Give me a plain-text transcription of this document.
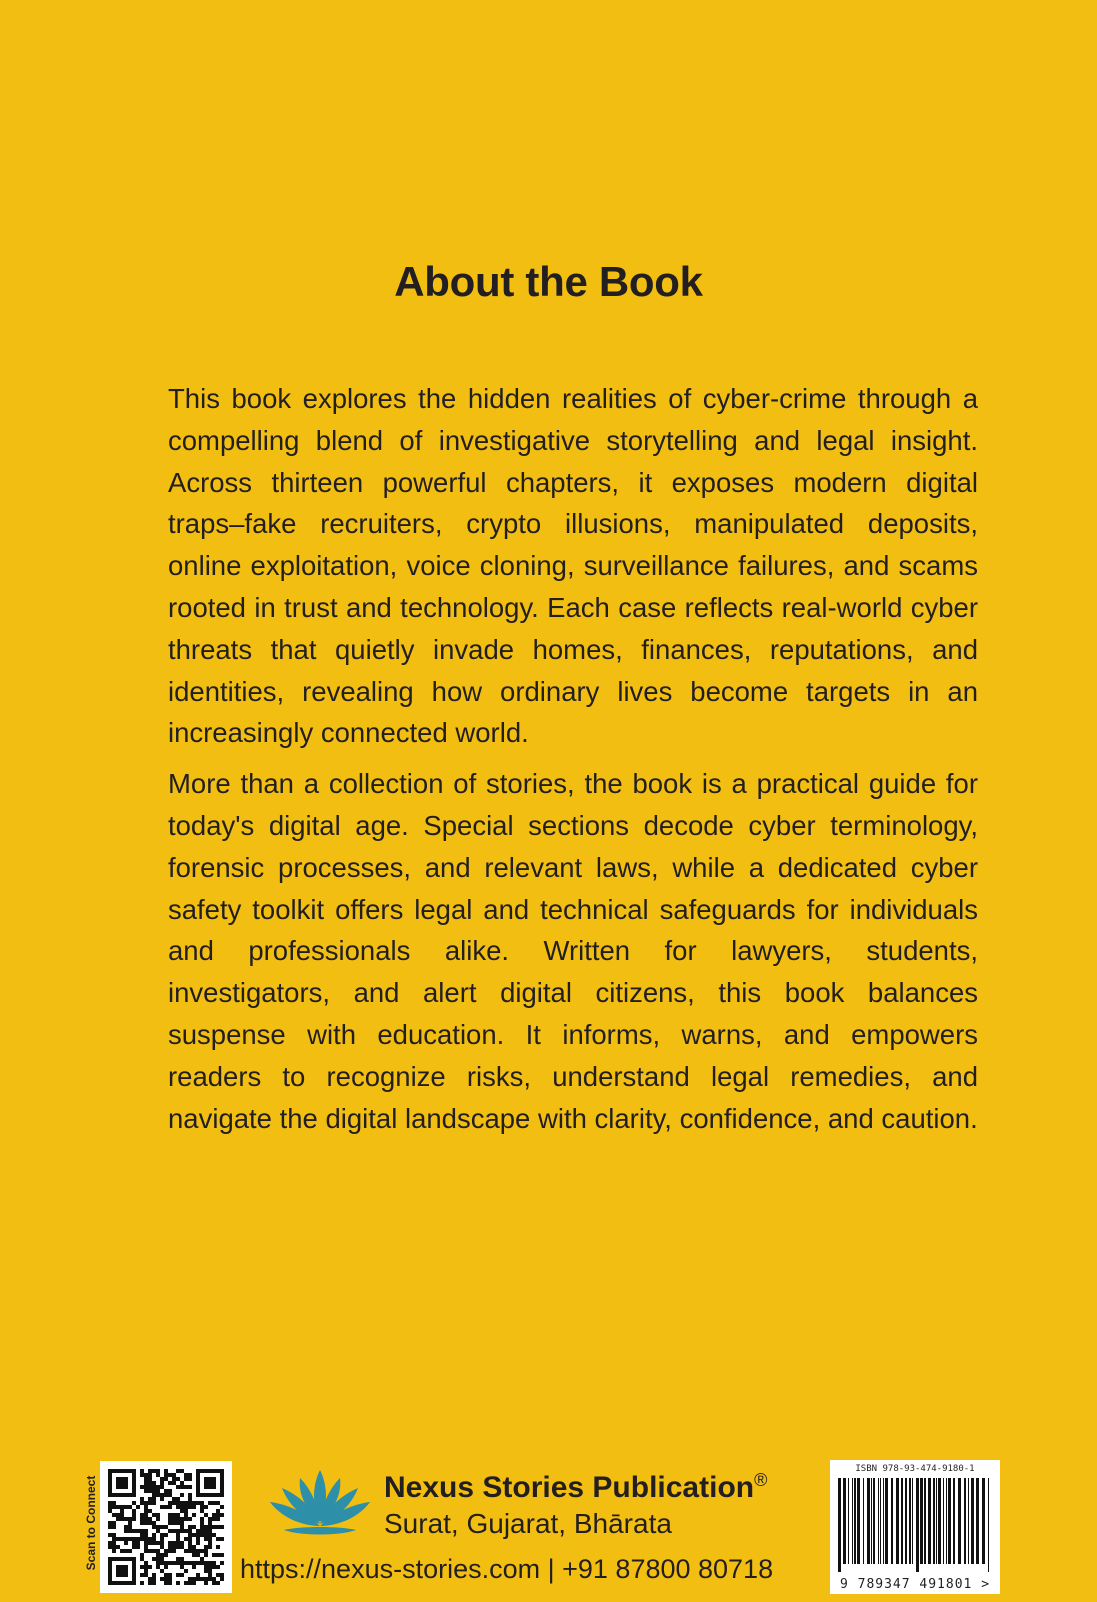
About the Book

This book explores the hidden realities of cyber-crime through a compelling blend of investigative storytelling and legal insight. Across thirteen powerful chapters, it exposes modern digital traps–fake recruiters, crypto illusions, manipulated deposits, online exploitation, voice cloning, surveillance failures, and scams rooted in trust and technology. Each case reflects real-world cyber threats that quietly invade homes, finances, reputations, and identities, revealing how ordinary lives become targets in an increasingly connected world.

More than a collection of stories, the book is a practical guide for today's digital age. Special sections decode cyber terminology, forensic processes, and relevant laws, while a dedicated cyber safety toolkit offers legal and technical safeguards for individuals and professionals alike. Written for lawyers, students, investigators, and alert digital citizens, this book balances suspense with education. It informs, warns, and empowers readers to recognize risks, understand legal remedies, and navigate the digital landscape with clarity, confidence, and caution.

Scan to Connect	Nexus Stories Publication®
Surat, Gujarat, Bhārata
https://nexus-stories.com | +91 87800 80718
ISBN 978-93-474-9180-1
9 789347 491801 >
